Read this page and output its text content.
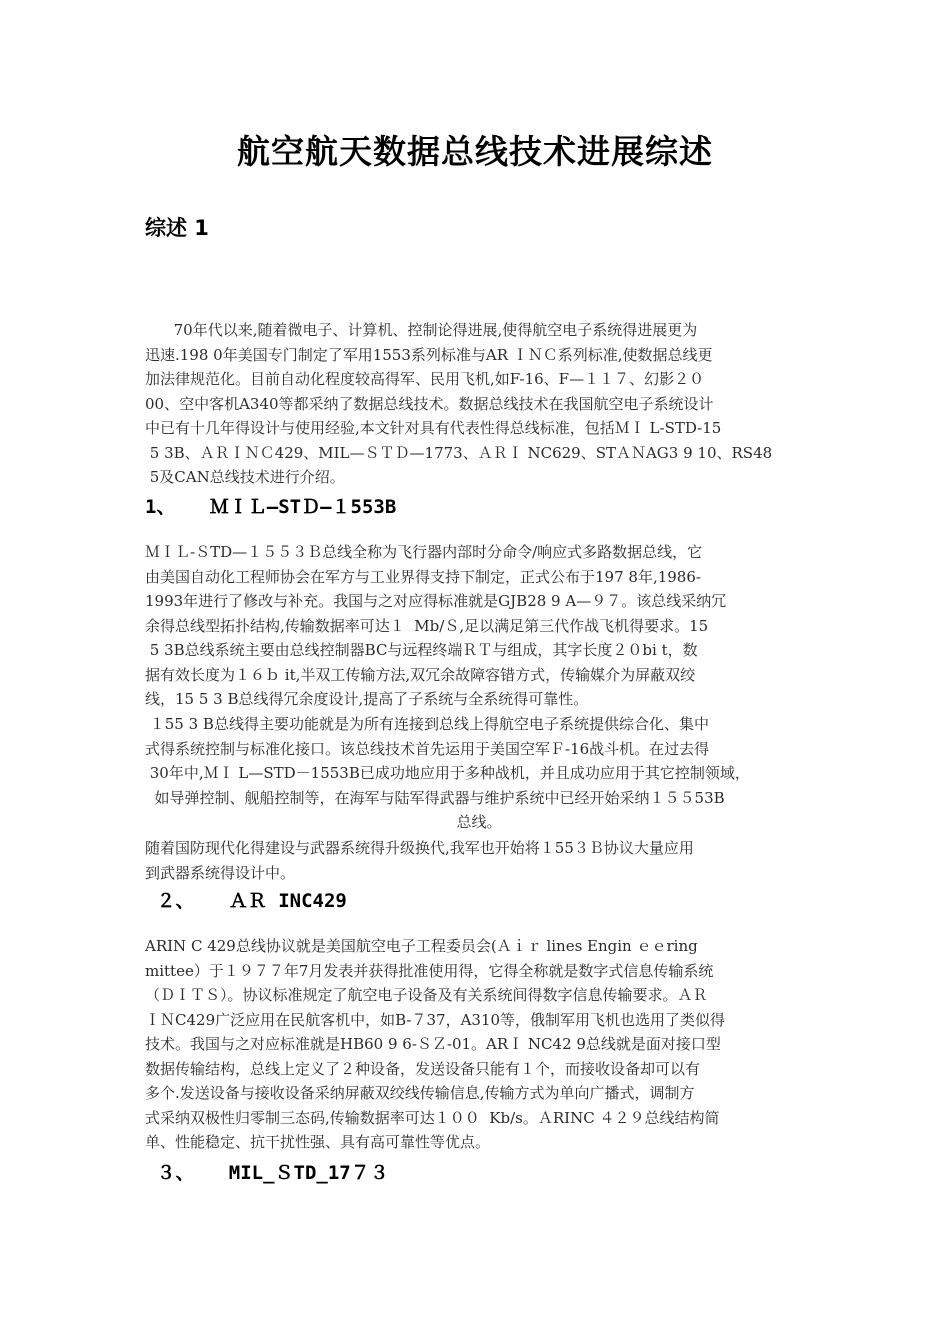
航空航天数据总线技术进展综述
综述 1
70年代以来,随着微电子、计算机、控制论得进展,使得航空电子系统得进展更为
迅速.198 0年美国专门制定了军用1553系列标准与AR ＩＮＣ系列标准,使数据总线更
加法律规范化。目前自动化程度较高得军、民用飞机,如F-16、F—１１７、幻影２０
00、空中客机A340等都采纳了数据总线技术。数据总线技术在我国航空电子系统设计
中已有十几年得设计与使用经验,本文针对具有代表性得总线标准，包括ＭＩ L-STD-15
5 3B、ＡＲＩＮＣ429、MIL—ＳＴＤ—1773、ＡＲＩ NC629、STＡＮAG3 9 10、RS48
5及CAN总线技术进行介绍。
1、   ＭＩＬ—STＤ—１553B
ＭＩＬ-ＳTD—１５５３Ｂ总线全称为飞行器内部时分命令/响应式多路数据总线，它
由美国自动化工程师协会在军方与工业界得支持下制定，正式公布于197 8年,1986-
1993年进行了修改与补充。我国与之对应得标准就是GJB28 9 A—９７。该总线采纳冗
余得总线型拓扑结构,传输数据率可达１  Mb/Ｓ,足以满足第三代作战飞机得要求。15
5 3B总线系统主要由总线控制器BC与远程终端ＲＴ与组成，其字长度２０bi t，数
据有效长度为１６ｂ it,半双工传输方法,双冗余故障容错方式，传输媒介为屏蔽双绞
线，15 5 3 B总线得冗余度设计,提高了子系统与全系统得可靠性。
１55 3 B总线得主要功能就是为所有连接到总线上得航空电子系统提供综合化、集中
式得系统控制与标准化接口。该总线技术首先运用于美国空军Ｆ-16战斗机。在过去得
30年中,ＭＩ L—STD－1553B已成功地应用于多种战机，并且成功应用于其它控制领域，
如导弹控制、舰船控制等，在海军与陆军得武器与维护系统中已经开始采纳１５５53B
总线。
随着国防现代化得建设与武器系统得升级换代,我军也开始将１55３Ｂ协议大量应用
到武器系统得设计中。
２、   ＡＲ INC429
ARIN C 429总线协议就是美国航空电子工程委员会(Ａｉｒ lines Engin ｅｅring
mittee）于１９７７年7月发表并获得批准使用得，它得全称就是数字式信息传输系统
（ＤＩＴＳ）。协议标准规定了航空电子设备及有关系统间得数字信息传输要求。ＡＲ
ＩＮC429广泛应用在民航客机中，如B-７37，A310等，俄制军用飞机也选用了类似得
技术。我国与之对应标准就是HB60 9 6-ＳＺ-01。ARＩ NC42 9总线就是面对接口型
数据传输结构，总线上定义了２种设备，发送设备只能有１个，而接收设备却可以有
多个.发送设备与接收设备采纳屏蔽双绞线传输信息,传输方式为单向广播式，调制方
式采纳双极性归零制三态码,传输数据率可达１００  Kb/s。ＡRINC ４２９总线结构简
单、性能稳定、抗干扰性强、具有高可靠性等优点。
３、   MIL_ＳTD_17７３
